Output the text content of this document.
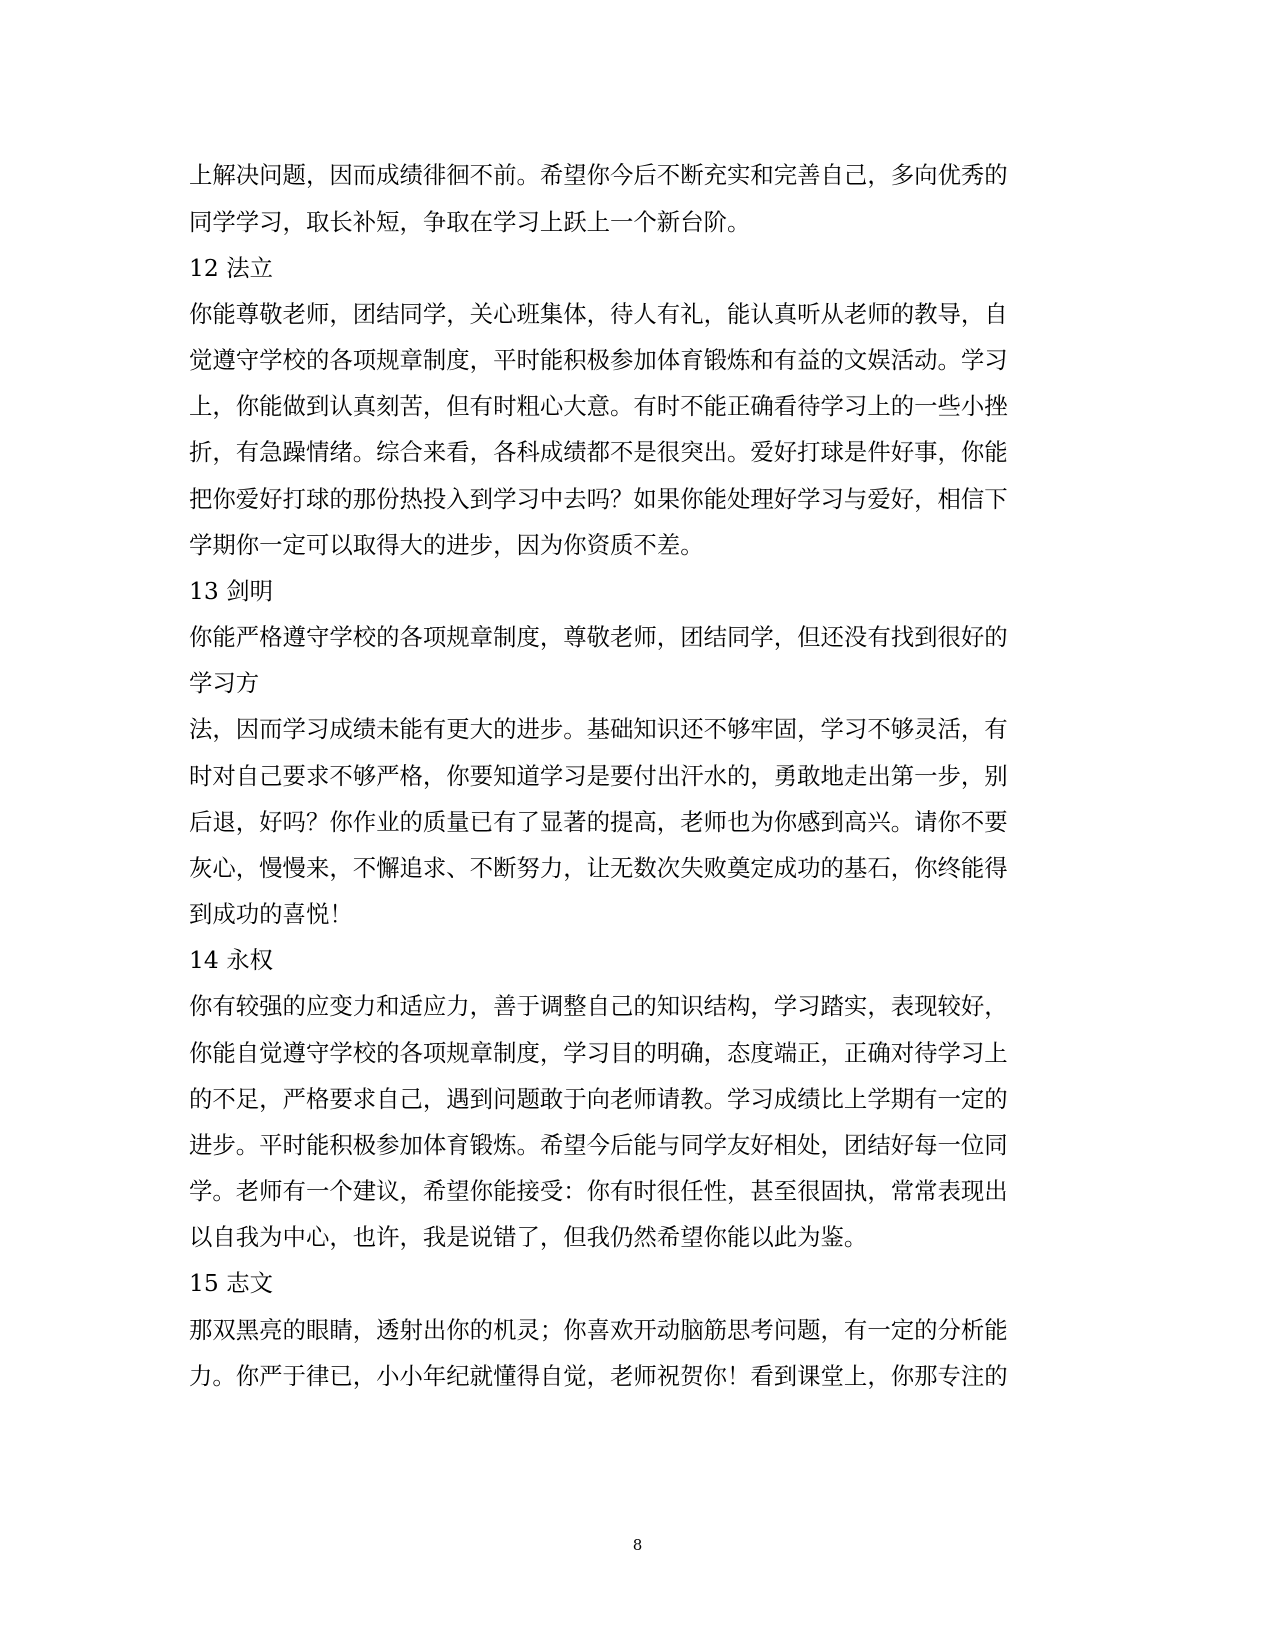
上解决问题，因而成绩徘徊不前。希望你今后不断充实和完善自己，多向优秀的
同学学习，取长补短，争取在学习上跃上一个新台阶。
12 法立
你能尊敬老师，团结同学，关心班集体，待人有礼，能认真听从老师的教导，自
觉遵守学校的各项规章制度，平时能积极参加体育锻炼和有益的文娱活动。学习
上，你能做到认真刻苦，但有时粗心大意。有时不能正确看待学习上的一些小挫
折，有急躁情绪。综合来看，各科成绩都不是很突出。爱好打球是件好事，你能
把你爱好打球的那份热投入到学习中去吗？如果你能处理好学习与爱好，相信下
学期你一定可以取得大的进步，因为你资质不差。
13 剑明
你能严格遵守学校的各项规章制度，尊敬老师，团结同学，但还没有找到很好的
学习方
法，因而学习成绩未能有更大的进步。基础知识还不够牢固，学习不够灵活，有
时对自己要求不够严格，你要知道学习是要付出汗水的，勇敢地走出第一步，别
后退，好吗？你作业的质量已有了显著的提高，老师也为你感到高兴。请你不要
灰心，慢慢来，不懈追求、不断努力，让无数次失败奠定成功的基石，你终能得
到成功的喜悦！
14 永权
你有较强的应变力和适应力，善于调整自己的知识结构，学习踏实，表现较好，
你能自觉遵守学校的各项规章制度，学习目的明确，态度端正，正确对待学习上
的不足，严格要求自己，遇到问题敢于向老师请教。学习成绩比上学期有一定的
进步。平时能积极参加体育锻炼。希望今后能与同学友好相处，团结好每一位同
学。老师有一个建议，希望你能接受：你有时很任性，甚至很固执，常常表现出
以自我为中心，也许，我是说错了，但我仍然希望你能以此为鉴。
15 志文
那双黑亮的眼睛，透射出你的机灵；你喜欢开动脑筋思考问题，有一定的分析能
力。你严于律已，小小年纪就懂得自觉，老师祝贺你！看到课堂上，你那专注的
8
